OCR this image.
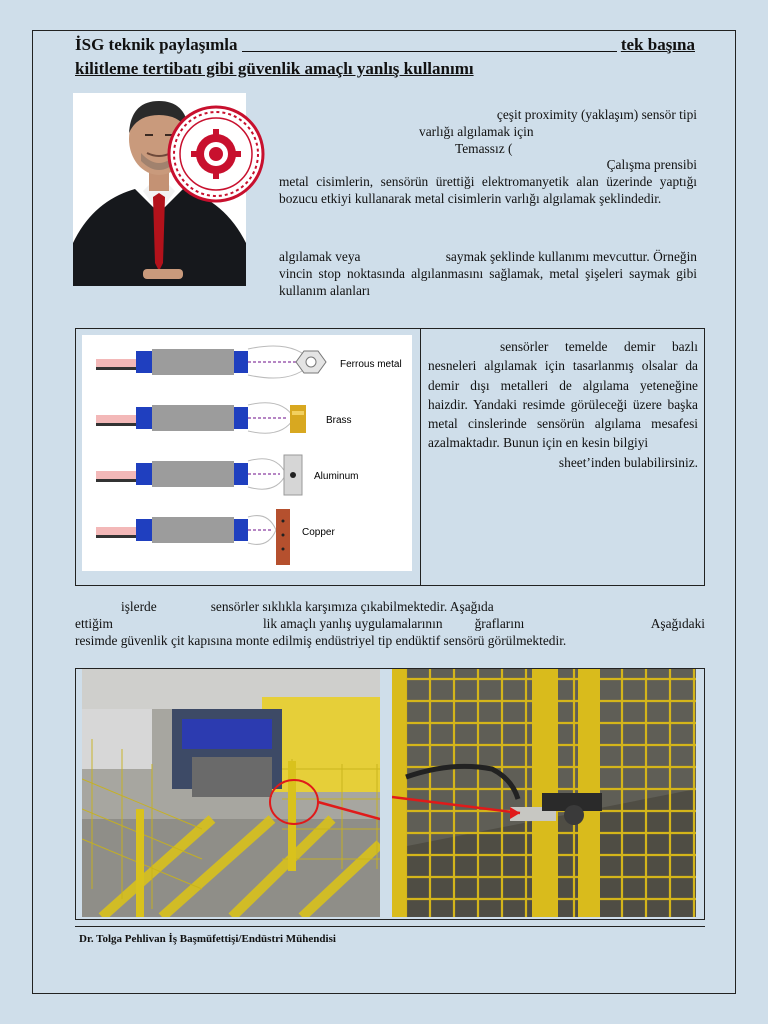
İSG teknik paylaşımla	tek başına
kilitleme tertibatı gibi güvenlik amaçlı yanlış kullanımı
çeşit proximity (yaklaşım) sensör tipi
varlığı algılamak için
Temassız (
Çalışma prensibi
metal cisimlerin, sensörün ürettiği elektromanyetik alan üzerinde yaptığı bozucu etkiyi kullanarak metal cisimlerin varlığı algılamak şeklindedir.
algılamak veya                         saymak şeklinde kullanımı mevcuttur. Örneğin vincin stop noktasında algılanmasını sağlamak, metal şişeleri saymak gibi kullanım alanları
Ferrous metal
Brass
Aluminum
Copper
sensörler temelde demir bazlı nesneleri algılamak için tasarlanmış olsalar da demir dışı metalleri de algılama yeteneğine haizdir. Yandaki resimde görüleceği üzere başka metal cinslerinde sensörün algılama mesafesi azalmaktadır. Bunun için en kesin bilgiyi
sheet’inden bulabilirsiniz.
işlerde	sensörler sıklıkla karşımıza çıkabilmektedir. Aşağıda
ettiğim	lik amaçlı yanlış uygulamalarının ğraflarını	Aşağıdaki
resimde güvenlik çit kapısına monte edilmiş endüstriyel tip endüktif sensörü görülmektedir.
Dr. Tolga Pehlivan İş Başmüfettişi/Endüstri Mühendisi
